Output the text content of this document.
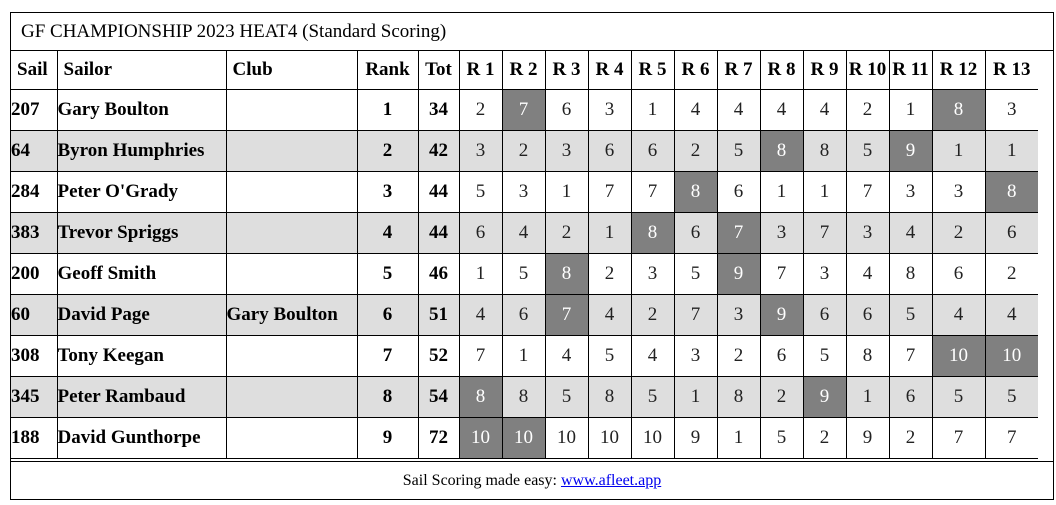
GF CHAMPIONSHIP 2023 HEAT4 (Standard Scoring)
Sail	Sailor	Club	Rank	Tot	R 1	R 2	R 3	R 4	R 5	R 6	R 7	R 8	R 9	R 10	R 11	R 12	R 13
207	Gary Boulton		1	34	2	7	6	3	1	4	4	4	4	2	1	8	3
64	Byron Humphries		2	42	3	2	3	6	6	2	5	8	8	5	9	1	1
284	Peter O'Grady		3	44	5	3	1	7	7	8	6	1	1	7	3	3	8
383	Trevor Spriggs		4	44	6	4	2	1	8	6	7	3	7	3	4	2	6
200	Geoff Smith		5	46	1	5	8	2	3	5	9	7	3	4	8	6	2
60	David Page	Gary Boulton	6	51	4	6	7	4	2	7	3	9	6	6	5	4	4
308	Tony Keegan		7	52	7	1	4	5	4	3	2	6	5	8	7	10	10
345	Peter Rambaud		8	54	8	8	5	8	5	1	8	2	9	1	6	5	5
188	David Gunthorpe		9	72	10	10	10	10	10	9	1	5	2	9	2	7	7
Sail Scoring made easy: www.afleet.app
